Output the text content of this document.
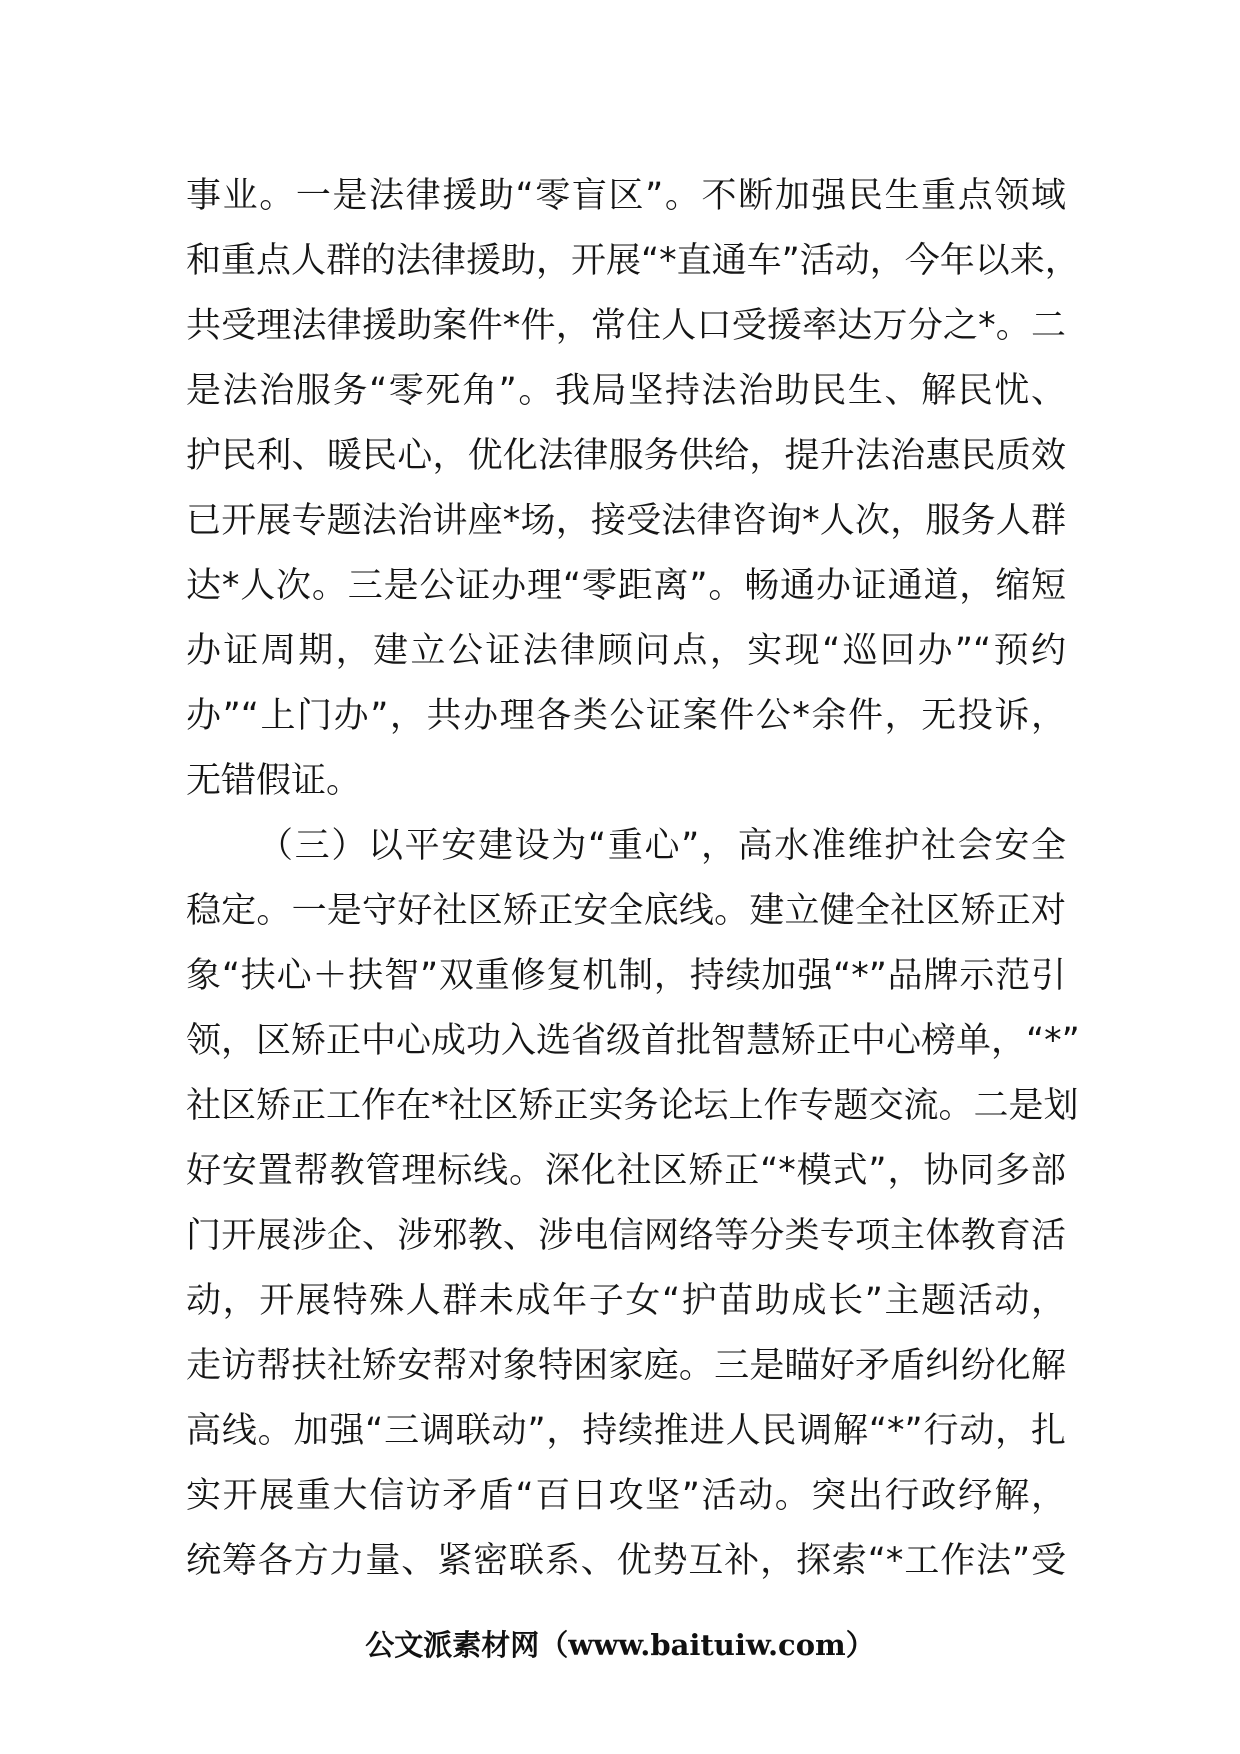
事业。一是法律援助“零盲区”。不断加强民生重点领域
和重点人群的法律援助，开展“*直通车”活动，今年以来，
共受理法律援助案件*件，常住人口受援率达万分之*。二
是法治服务“零死角”。我局坚持法治助民生、解民忧、
护民利、暖民心，优化法律服务供给，提升法治惠民质效
已开展专题法治讲座*场，接受法律咨询*人次，服务人群
达*人次。三是公证办理“零距离”。畅通办证通道，缩短
办证周期，建立公证法律顾问点，实现“巡回办”“预约
办”“上门办”，共办理各类公证案件公*余件，无投诉，
无错假证。
（三）以平安建设为“重心”，高水准维护社会安全
稳定。一是守好社区矫正安全底线。建立健全社区矫正对
象“扶心＋扶智”双重修复机制，持续加强“*”品牌示范引
领，区矫正中心成功入选省级首批智慧矫正中心榜单，“*”
社区矫正工作在*社区矫正实务论坛上作专题交流。二是划
好安置帮教管理标线。深化社区矫正“*模式”，协同多部
门开展涉企、涉邪教、涉电信网络等分类专项主体教育活
动，开展特殊人群未成年子女“护苗助成长”主题活动，
走访帮扶社矫安帮对象特困家庭。三是瞄好矛盾纠纷化解
高线。加强“三调联动”，持续推进人民调解“*”行动，扎
实开展重大信访矛盾“百日攻坚”活动。突出行政纾解，
统筹各方力量、紧密联系、优势互补，探索“*工作法”受
公文派素材网（www.baituiw.com）
